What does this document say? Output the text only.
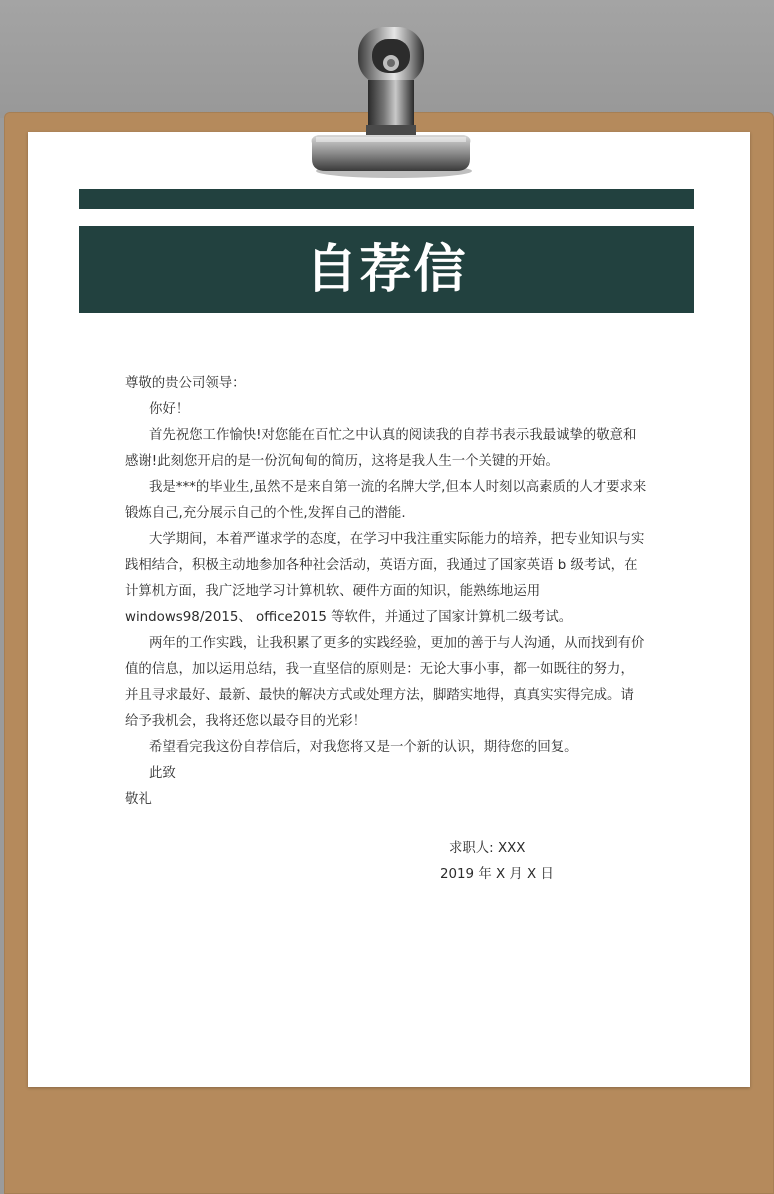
自荐信

尊敬的贵公司领导：

你好！

首先祝您工作愉快!对您能在百忙之中认真的阅读我的自荐书表示我最诚挚的敬意和感谢!此刻您开启的是一份沉甸甸的简历，这将是我人生一个关键的开始。

我是***的毕业生,虽然不是来自第一流的名牌大学,但本人时刻以高素质的人才要求来锻炼自己,充分展示自己的个性,发挥自己的潜能.

大学期间，本着严谨求学的态度，在学习中我注重实际能力的培养，把专业知识与实践相结合，积极主动地参加各种社会活动，英语方面，我通过了国家英语 b 级考试，在计算机方面，我广泛地学习计算机软、硬件方面的知识，能熟练地运用 windows98/2015、 office2015 等软件，并通过了国家计算机二级考试。

两年的工作实践，让我积累了更多的实践经验，更加的善于与人沟通，从而找到有价值的信息，加以运用总结，我一直坚信的原则是：无论大事小事，都一如既往的努力，并且寻求最好、最新、最快的解决方式或处理方法，脚踏实地得，真真实实得完成。请给予我机会，我将还您以最夺目的光彩！

希望看完我这份自荐信后，对我您将又是一个新的认识，期待您的回复。

此致

敬礼

求职人: XXX
2019 年 X 月 X 日
